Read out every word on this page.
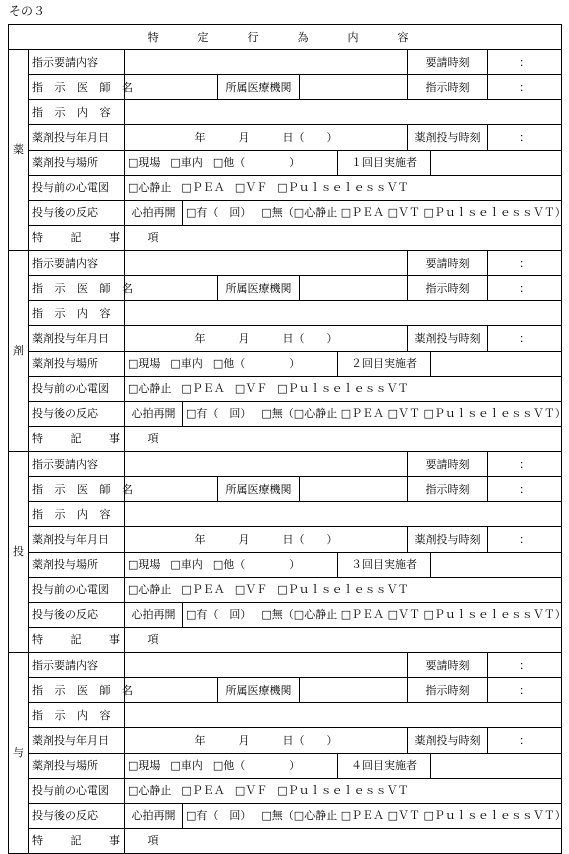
その３
特　定　行　為　内　容									

薬	指示要請内容						要請時刻		：
	指 示 医 師 名			所属医療機関			指示時刻		：
	指 示 内 容								
	薬剤投与年月日	年　　　月　　　日（　　）					薬剤投与時刻		：
	薬剤投与場所	□現場 □車内 □他（　　　　）				１回目実施者			
	投与前の心電図	□心静止 □ＰＥＡ □ＶＦ □ＰｕｌｓｅｌｅｓｓＶＴ							
	投与後の反応	心拍再開	□有（　回） □無（□心静止 □ＰＥＡ □ＶＴ □ＰｕｌｓｅｌｅｓｓＶＴ）						
	特 記 事 項								

剤	指示要請内容						要請時刻		：
	指 示 医 師 名			所属医療機関			指示時刻		：
	指 示 内 容								
	薬剤投与年月日	年　　　月　　　日（　　）					薬剤投与時刻		：
	薬剤投与場所	□現場 □車内 □他（　　　　）				２回目実施者			
	投与前の心電図	□心静止 □ＰＥＡ □ＶＦ □ＰｕｌｓｅｌｅｓｓＶＴ							
	投与後の反応	心拍再開	□有（　回） □無（□心静止 □ＰＥＡ □ＶＴ □ＰｕｌｓｅｌｅｓｓＶＴ）						
	特 記 事 項								

投	指示要請内容						要請時刻		：
	指 示 医 師 名			所属医療機関			指示時刻		：
	指 示 内 容								
	薬剤投与年月日	年　　　月　　　日（　　）					薬剤投与時刻		：
	薬剤投与場所	□現場 □車内 □他（　　　　）				３回目実施者			
	投与前の心電図	□心静止 □ＰＥＡ □ＶＦ □ＰｕｌｓｅｌｅｓｓＶＴ							
	投与後の反応	心拍再開	□有（　回） □無（□心静止 □ＰＥＡ □ＶＴ □ＰｕｌｓｅｌｅｓｓＶＴ）						
	特 記 事 項								

与	指示要請内容						要請時刻		：
	指 示 医 師 名			所属医療機関			指示時刻		：
	指 示 内 容								
	薬剤投与年月日	年　　　月　　　日（　　）					薬剤投与時刻		：
	薬剤投与場所	□現場 □車内 □他（　　　　）				４回目実施者			
	投与前の心電図	□心静止 □ＰＥＡ □ＶＦ □ＰｕｌｓｅｌｅｓｓＶＴ							
	投与後の反応	心拍再開	□有（　回） □無（□心静止 □ＰＥＡ □ＶＴ □ＰｕｌｓｅｌｅｓｓＶＴ）						
	特 記 事 項								
